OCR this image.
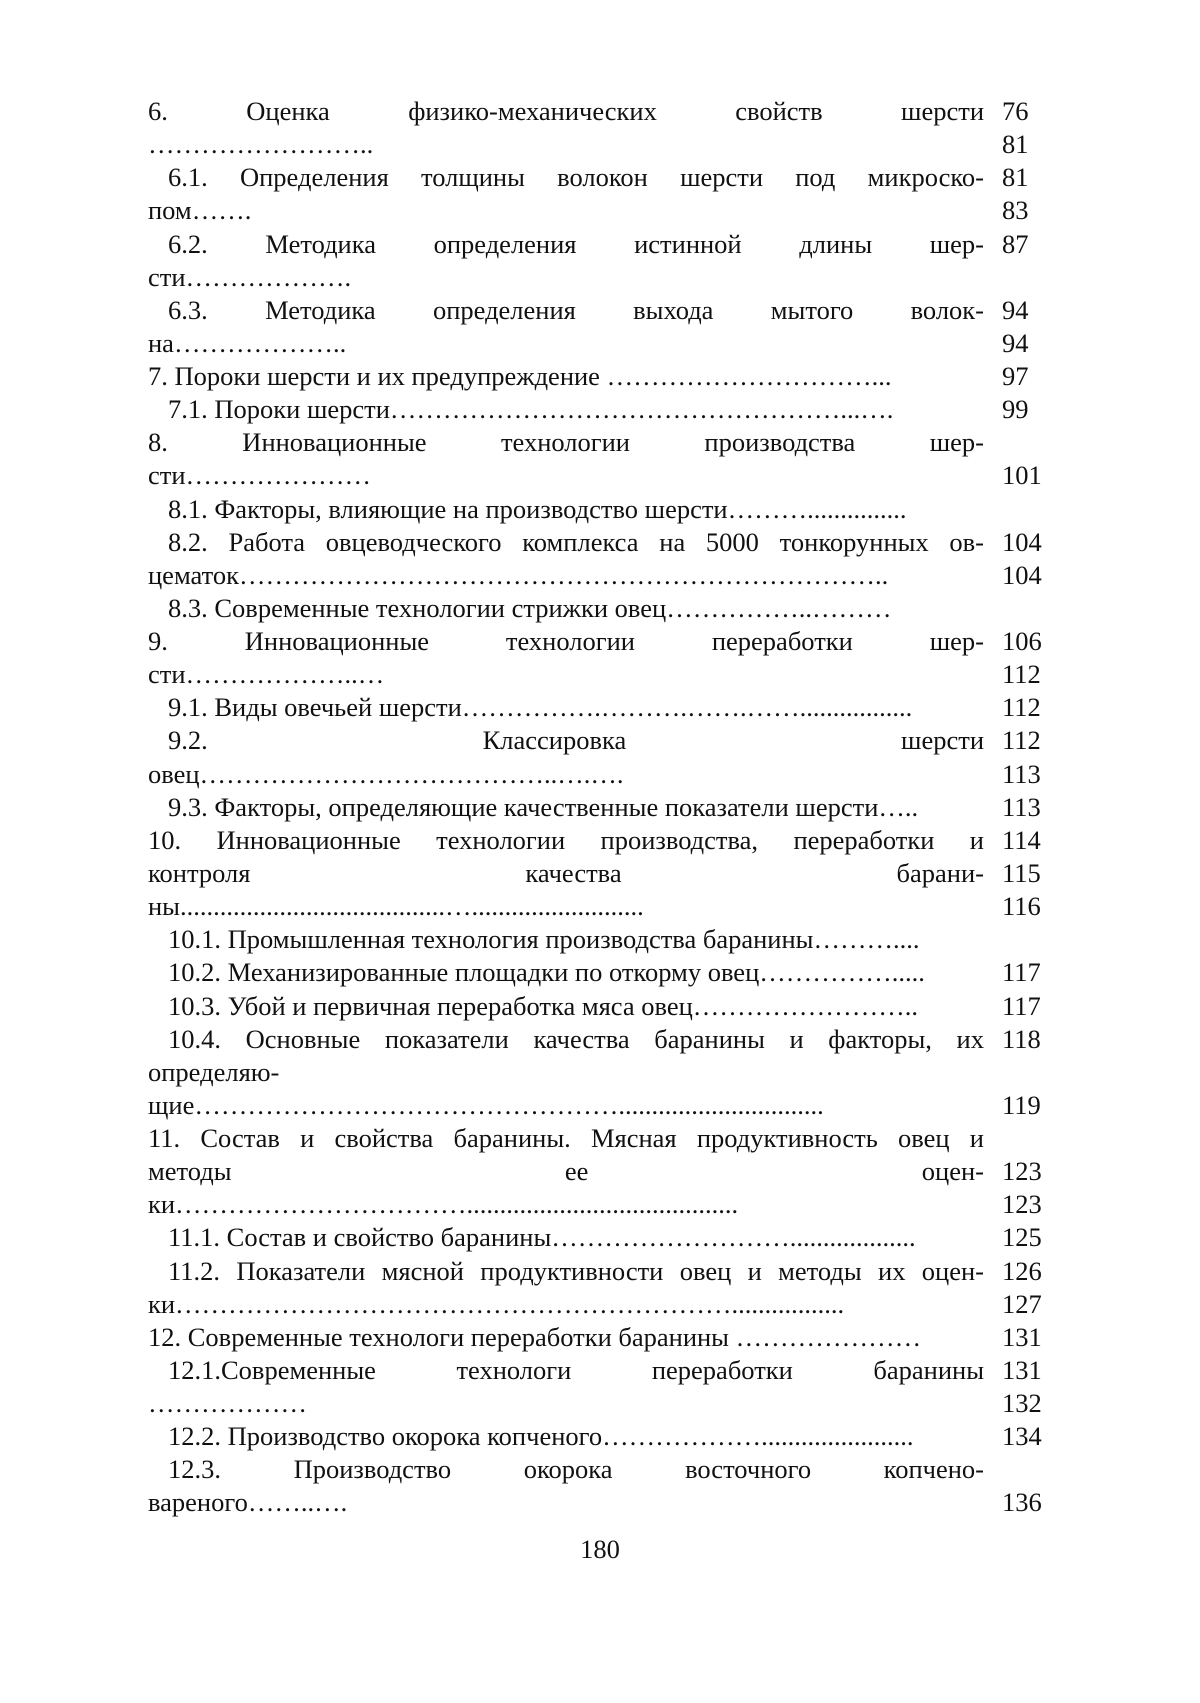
6. Оценка физико-механических свойств шерсти
……………………..
6.1. Определения толщины волокон шерсти под микроско-
пом…….
6.2. Методика определения истинной длины шер-
сти……………….
6.3. Методика определения выхода мытого волок-
на………………..
7. Пороки шерсти и их предупреждение …………………………...
7.1. Пороки шерсти……………………………………………...….
8. Инновационные технологии производства шер-
сти…………………
8.1. Факторы, влияющие на производство шерсти………...............
8.2. Работа овцеводческого комплекса на 5000 тонкорунных ов-
цематок………………………………………………………………..
8.3. Современные технологии стрижки овец……………..………
9. Инновационные технологии переработки шер-
сти………………..…
9.1. Виды овечьей шерсти…………….……….…….…….................
9.2. Классировка шерсти
овец…………………………………..….….
9.3. Факторы, определяющие качественные показатели шерсти…..
10. Инновационные технологии производства, переработки и
контроля качества барани-
ны........................................…..........................
10.1. Промышленная технология производства баранины………....
10.2. Механизированные площадки по откорму овец…………….....
10.3. Убой и первичная переработка мяса овец……………………..
10.4. Основные показатели качества баранины и факторы, их
определяю-
щие…………………………………………...............................
11. Состав и свойства баранины. Мясная продуктивность овец и
методы ее оцен-
ки…………………………….........................................
11.1. Состав и свойство баранины………………………...................
11.2. Показатели мясной продуктивности овец и методы их оцен-
ки……………………………………………………….................
12. Современные технологи переработки баранины …………………
12.1.Современные технологи переработки баранины
………………
12.2. Производство окорока копченого……………….......................
12.3. Производство окорока восточного копчено-
вареного……..….
76
81
81
83
87
94
94
97
99
101
104
104
106
112
112
112
113
113
114
115
116
117
117
118
119
123
123
125
126
127
131
131
132
134
136
180
